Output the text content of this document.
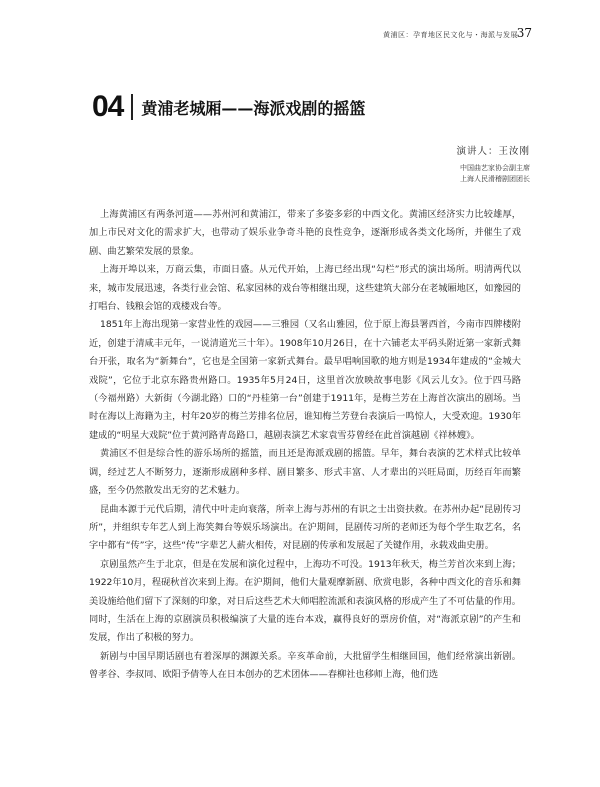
黄浦区：孕育地区民文化与・海派与发展
37
04 黄浦老城厢——海派戏剧的摇篮
演讲人：王汝刚
中国曲艺家协会副主席
上海人民滑稽剧团团长

上海黄浦区有两条河道——苏州河和黄浦江，带来了多姿多彩的中西文化。黄浦区经济实力比较雄厚，加上市民对文化的需求扩大，也带动了娱乐业争奇斗艳的良性竞争，逐渐形成各类文化场所，并催生了戏剧、曲艺繁荣发展的景象。

上海开埠以来，万商云集，市面日盛。从元代开始，上海已经出现“勾栏”形式的演出场所。明清两代以来，城市发展迅速，各类行业会馆、私家园林的戏台等相继出现，这些建筑大部分在老城厢地区，如豫园的打唱台、钱粮会馆的戏楼戏台等。

1851年上海出现第一家营业性的戏园——三雅园（又名山雅园，位于原上海县署西首，今南市四牌楼附近，创建于清咸丰元年，一说清道光三十年）。1908年10月26日，在十六铺老太平码头附近第一家新式舞台开张，取名为“新舞台”，它也是全国第一家新式舞台。最早唱响国歌的地方则是1934年建成的“金城大戏院”，它位于北京东路贵州路口。1935年5月24日，这里首次放映故事电影《风云儿女》。位于四马路（今福州路）大新街（今湖北路）口的“丹桂第一台”创建于1911年，是梅兰芳在上海首次演出的剧场。当时在海以上海籍为主，村年20岁的梅兰芳排名位居，谁知梅兰芳登台表演后一鸣惊人，大受欢迎。1930年建成的“明星大戏院”位于黄河路青岛路口，越剧表演艺术家袁雪芬曾经在此首演越剧《祥林嫂》。

黄浦区不但是综合性的游乐场所的摇篮，而且还是海派戏剧的摇篮。早年，舞台表演的艺术样式比较单调，经过艺人不断努力，逐渐形成剧种多样、剧目繁多、形式丰富、人才辈出的兴旺局面，历经百年而繁盛，至今仍然散发出无穷的艺术魅力。

昆曲本源于元代后期，清代中叶走向衰落，所幸上海与苏州的有识之士出资扶救。在苏州办起“昆剧传习所”，并组织专年艺人到上海笑舞台等娱乐场演出。在沪期间，昆剧传习所的老师还为每个学生取艺名，名字中都有“传”字，这些“传”字辈艺人薪火相传，对昆剧的传承和发展起了关键作用，永载戏曲史册。

京剧虽然产生于北京，但是在发展和演化过程中，上海功不可没。1913年秋天，梅兰芳首次来到上海；1922年10月，程砚秋首次来到上海。在沪期间，他们大量观摩新剧、欣赏电影，各种中西文化的音乐和舞美设施给他们留下了深刻的印象，对日后这些艺术大师唱腔流派和表演风格的形成产生了不可估量的作用。同时，生活在上海的京剧演员积极编演了大量的连台本戏，赢得良好的票房价值，对“海派京剧”的产生和发展，作出了积极的努力。

新剧与中国早期话剧也有着深厚的渊源关系。辛亥革命前，大批留学生相继回国，他们经常演出新剧。曾孝谷、李叔同、欧阳予倩等人在日本创办的艺术团体——春柳社也移师上海，他们选
